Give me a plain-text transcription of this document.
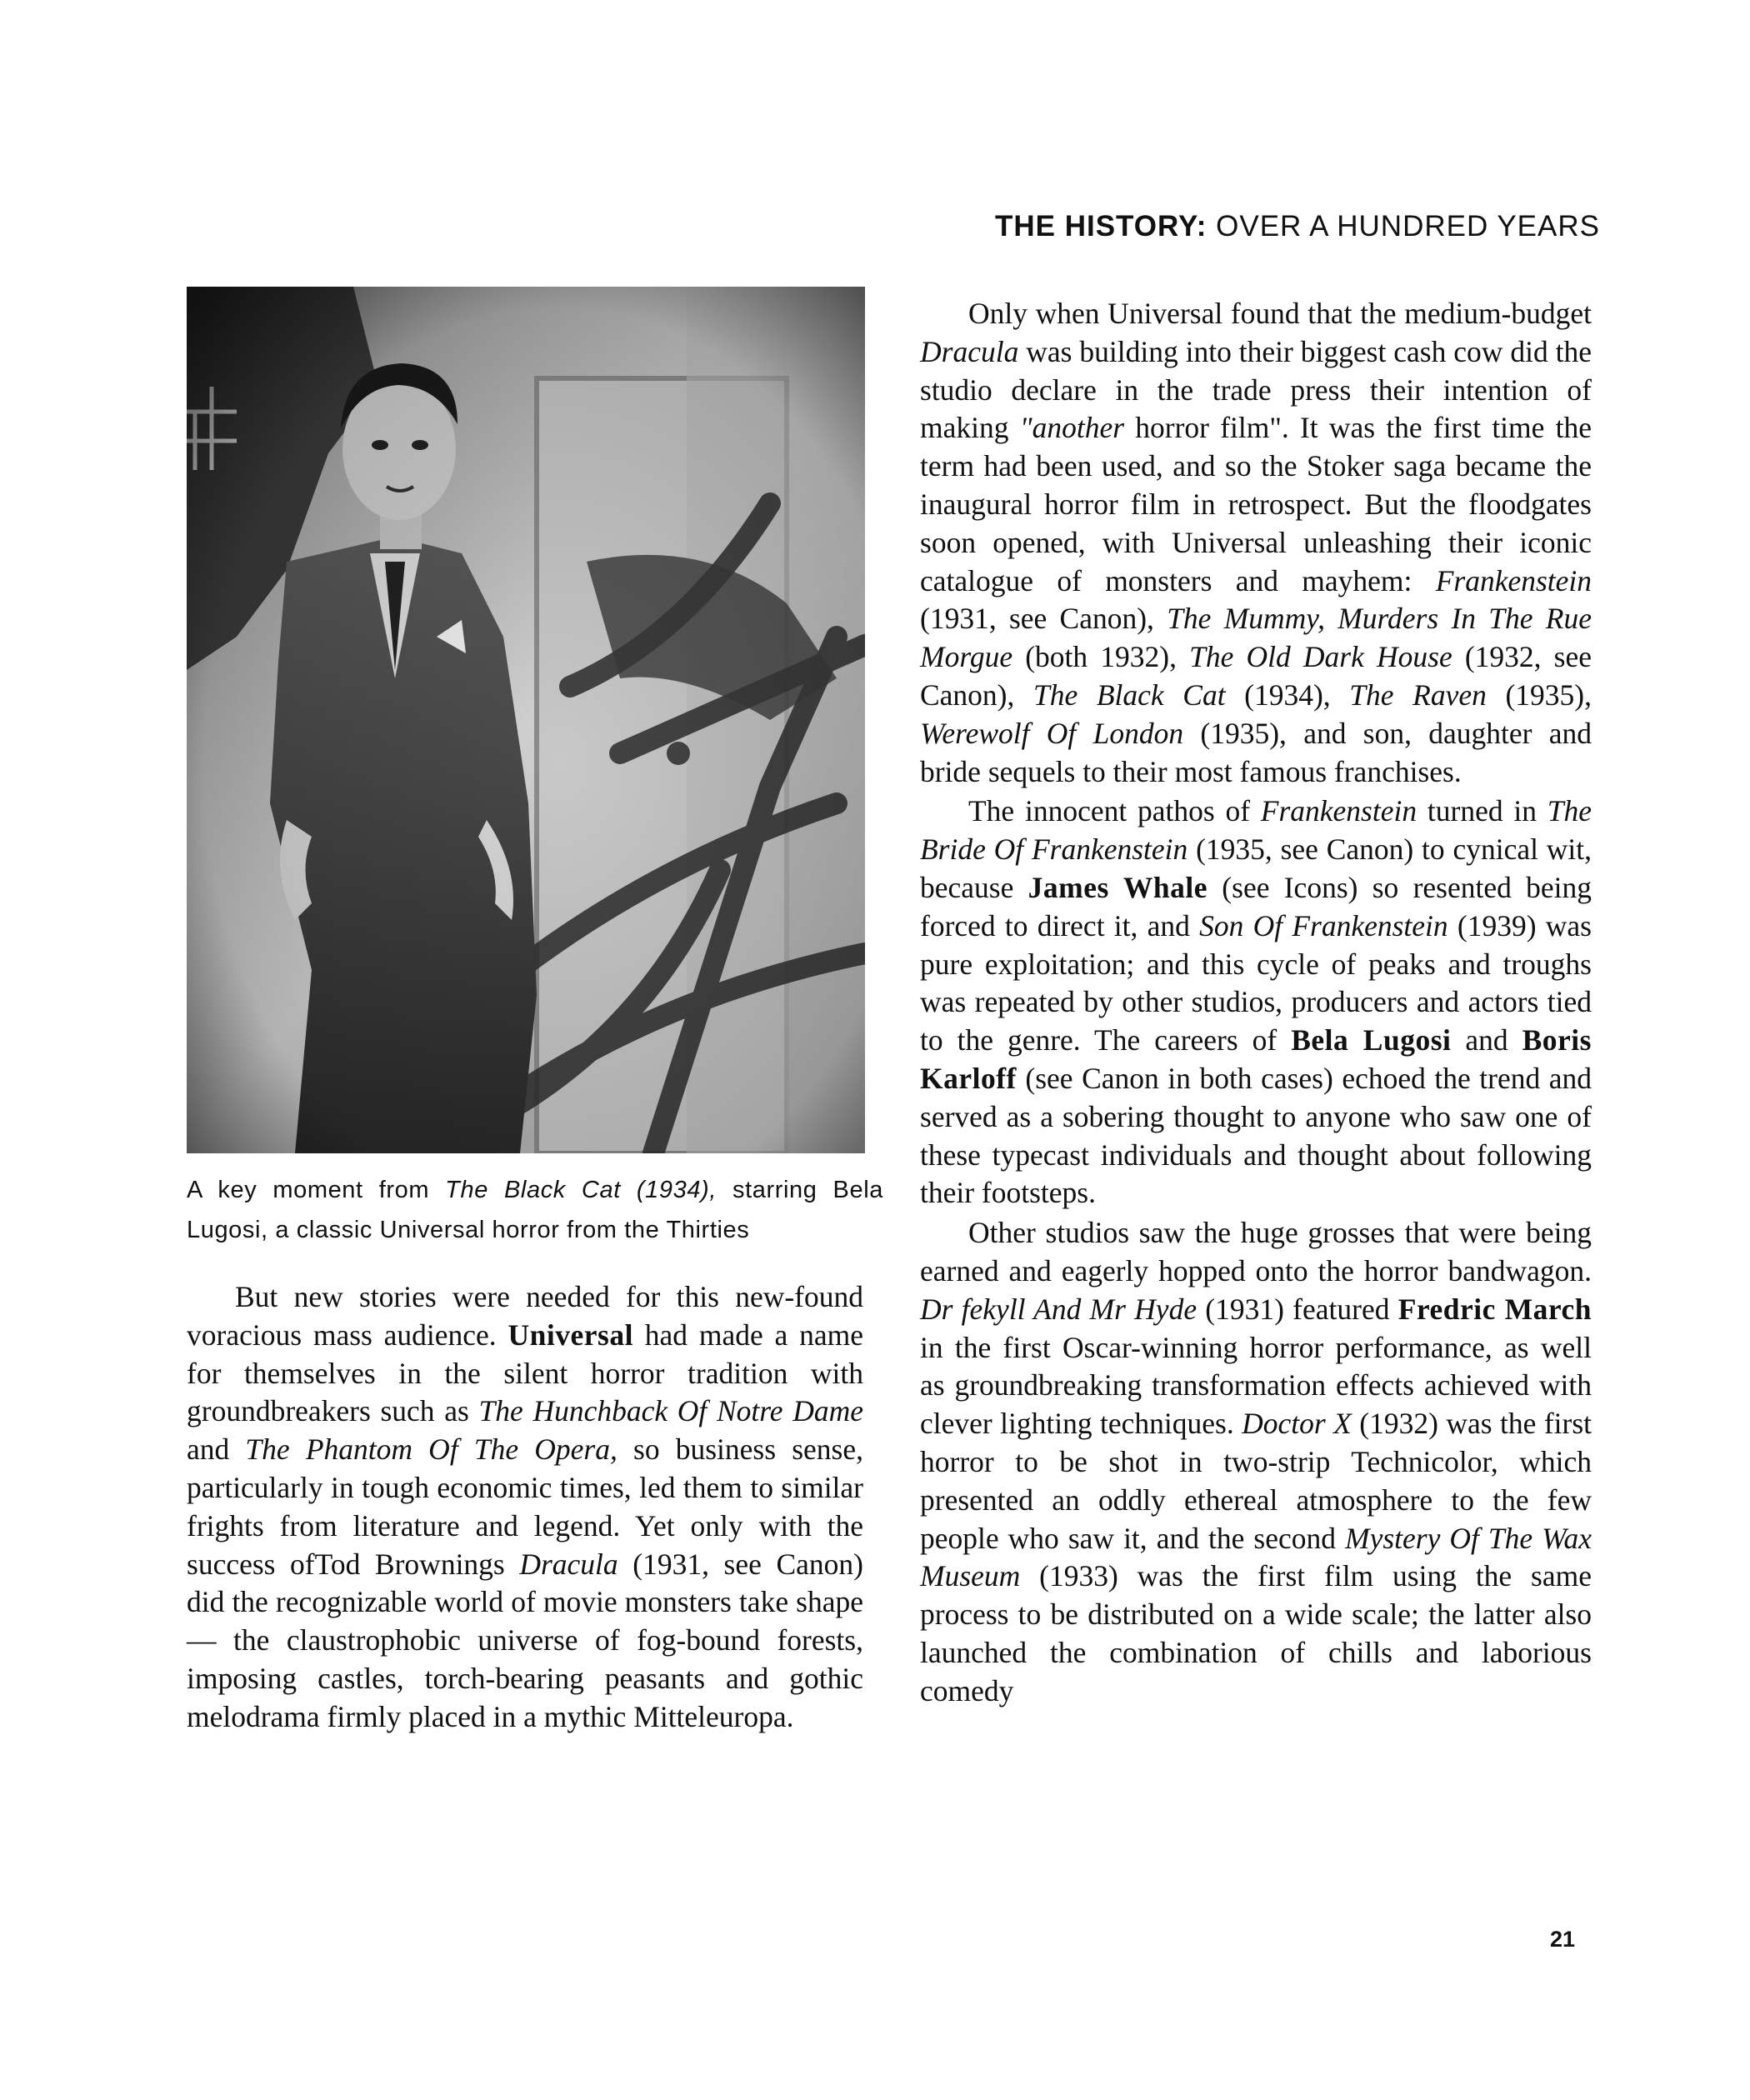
THE HISTORY: OVER A HUNDRED YEARS
A key moment from The Black Cat (1934), starring Bela Lugosi, a classic Universal horror from the Thirties

But new stories were needed for this new-found voracious mass audience. Universal had made a name for themselves in the silent horror tradition with groundbreakers such as The Hunchback Of Notre Dame and The Phantom Of The Opera, so business sense, particularly in tough economic times, led them to similar frights from literature and legend. Yet only with the success ofTod Brownings Dracula (1931, see Canon) did the recognizable world of movie monsters take shape — the claustrophobic universe of fog-bound forests, imposing castles, torch-bearing peasants and gothic melodrama firmly placed in a mythic Mitteleuropa.

Only when Universal found that the medium-budget Dracula was building into their biggest cash cow did the studio declare in the trade press their intention of making "another horror film". It was the first time the term had been used, and so the Stoker saga became the inaugural horror film in retrospect. But the floodgates soon opened, with Universal unleashing their iconic catalogue of monsters and mayhem: Frankenstein (1931, see Canon), The Mummy, Murders In The Rue Morgue (both 1932), The Old Dark House (1932, see Canon), The Black Cat (1934), The Raven (1935), Werewolf Of London (1935), and son, daughter and bride sequels to their most famous franchises.

The innocent pathos of Frankenstein turned in The Bride Of Frankenstein (1935, see Canon) to cynical wit, because James Whale (see Icons) so resented being forced to direct it, and Son Of Frankenstein (1939) was pure exploitation; and this cycle of peaks and troughs was repeated by other studios, producers and actors tied to the genre. The careers of Bela Lugosi and Boris Karloff (see Canon in both cases) echoed the trend and served as a sobering thought to anyone who saw one of these typecast individuals and thought about following their footsteps.

Other studios saw the huge grosses that were being earned and eagerly hopped onto the horror bandwagon. Dr fekyll And Mr Hyde (1931) featured Fredric March in the first Oscar-winning horror performance, as well as groundbreaking transformation effects achieved with clever lighting techniques. Doctor X (1932) was the first horror to be shot in two-strip Technicolor, which presented an oddly ethereal atmosphere to the few people who saw it, and the second Mystery Of The Wax Museum (1933) was the first film using the same process to be distributed on a wide scale; the latter also launched the combination of chills and laborious comedy

21
